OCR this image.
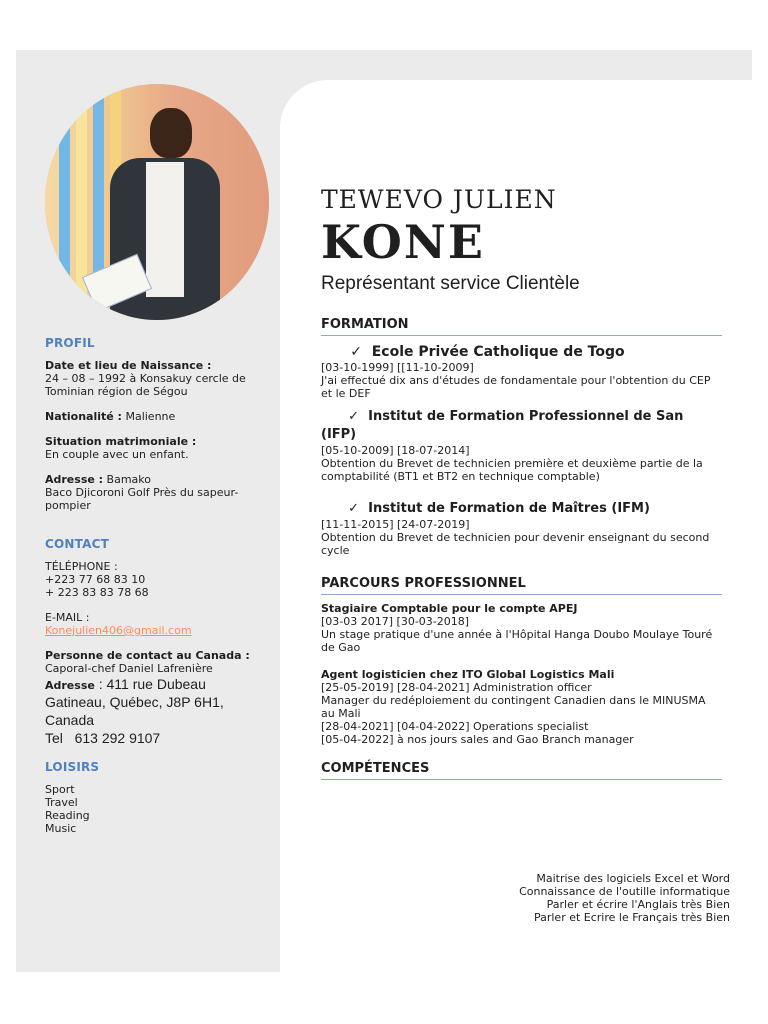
PROFIL
Date et lieu de Naissance :
24 – 08 – 1992 à Konsakuy cercle de Tominian région de Ségou
Nationalité : Malienne
Situation matrimoniale :
En couple avec un enfant.
Adresse : Bamako
Baco Djicoroni Golf Près du sapeur-pompier
CONTACT
TÉLÉPHONE :
+223 77 68 83 10
+ 223 83 83 78 68
E-MAIL :
Konejulien406@gmail.com
Personne de contact au Canada :
Caporal-chef Daniel Lafrenière
Adresse : 411 rue Dubeau
Gatineau, Québec, J8P 6H1,
Canada
Tel 613 292 9107
LOISIRS
Sport
Travel
Reading
Music
TEWEVO JULIEN
KONE
Représentant service Clientèle
FORMATION
✓  Ecole Privée Catholique de Togo
[03-10-1999] [[11-10-2009]
J'ai effectué dix ans d'études de fondamentale pour l'obtention du CEP et le DEF
✓  Institut de Formation Professionnel de San (IFP)
[05-10-2009] [18-07-2014]
Obtention du Brevet de technicien première et deuxième partie de la comptabilité (BT1 et BT2 en technique comptable)
✓  Institut de Formation de Maîtres (IFM)
[11-11-2015] [24-07-2019]
Obtention du Brevet de technicien pour devenir enseignant du second cycle
PARCOURS PROFESSIONNEL
Stagiaire Comptable pour le compte APEJ
[03-03 2017] [30-03-2018]
Un stage pratique d'une année à l'Hôpital Hanga Doubo Moulaye Touré de Gao
Agent logisticien chez ITO Global Logistics Mali
[25-05-2019] [28-04-2021] Administration officer
Manager du redéploiement du contingent Canadien dans le MINUSMA au Mali
[28-04-2021] [04-04-2022] Operations specialist
[05-04-2022] à nos jours sales and Gao Branch manager
COMPÉTENCES
Maitrise des logiciels Excel et Word
Connaissance de l'outille informatique
Parler et écrire l'Anglais très Bien
Parler et Ecrire le Français très Bien
